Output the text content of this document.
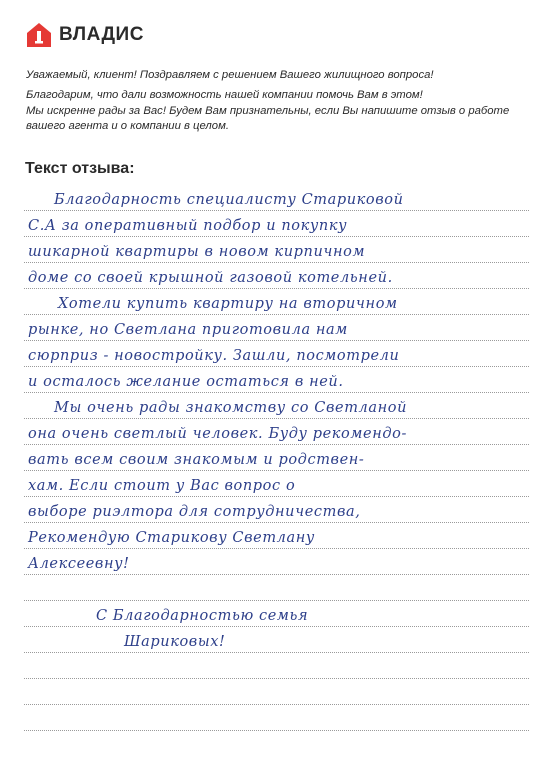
ВЛАДИС

Уважаемый, клиент! Поздравляем с решением Вашего жилищного вопроса!

Благодарим, что дали возможность нашей компании помочь Вам в этом!

Мы искренне рады за Вас! Будем Вам признательны, если Вы напишите отзыв о работе

вашего агента и о компании в целом.

Текст отзыва:
Благодарность специалисту Стариковой
С.А за оперативный подбор и покупку
шикарной квартиры в новом кирпичном
доме со своей крышной газовой котельней.
Хотели купить квартиру на вторичном
рынке, но Светлана приготовила нам
сюрприз - новостройку. Зашли, посмотрели
и осталось желание остаться в ней.
Мы очень рады знакомству со Светланой
она очень светлый человек. Буду рекомендо-
вать всем своим знакомым и родствен-
хам. Если стоит у Вас вопрос о
выборе риэлтора для сотрудничества,
Рекомендую Старикову Светлану
Алексеевну!
С Благодарностью семья
Шариковых!
